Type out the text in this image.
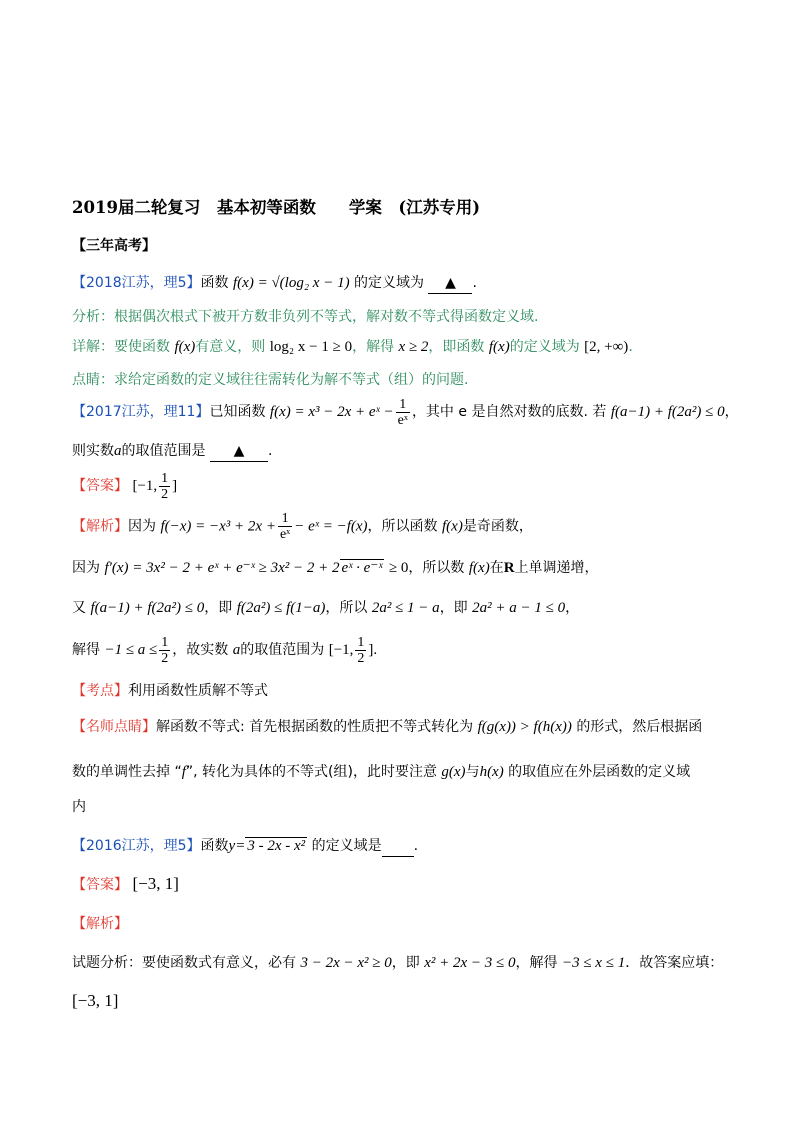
2019届二轮复习　基本初等函数　　学案　(江苏专用)
【三年高考】
【2018江苏，理5】函数 f(x) = √(log₂ x − 1) 的定义域为 ▲ .
分析：根据偶次根式下被开方数非负列不等式，解对数不等式得函数定义域.
详解：要使函数 f(x)有意义，则 log₂ x − 1 ≥ 0，解得 x ≥ 2，即函数 f(x)的定义域为 [2, +∞).
点睛：求给定函数的定义域往往需转化为解不等式（组）的问题.
【2017江苏，理11】已知函数 f(x) = x³ − 2x + eˣ − $\frac{1}{\text{eˣ}}$ ，其中 e 是自然对数的底数. 若 f(a−1) + f(2a²) ≤ 0，
则实数a的取值范围是 ▲ .
【答案】 [−1, $\frac{1}{2}$ ]
【解析】因为 $f(-x) = -x^3 + 2x + \frac{1}{\text{eˣ}}$ − eˣ = −f(x)，所以函数 f(x)是奇函数，
因为 f′(x) = 3x² − 2 + eˣ + e⁻ˣ ≥ 3x² − 2 + 2 eˣ · e⁻ˣ ≥ 0，所以数 f(x)在R上单调递增，
又 f(a−1) + f(2a²) ≤ 0，即 f(2a²) ≤ f(1−a)，所以 2a² ≤ 1 − a，即 2a² + a − 1 ≤ 0，
解得 $-1 \le a \le \frac{1}{2}$ ，故实数 a的取值范围为 [−1, $\frac{1}{2}$ ].
【考点】利用函数性质解不等式
【名师点睛】解函数不等式: 首先根据函数的性质把不等式转化为 f(g(x)) > f(h(x)) 的形式，然后根据函
数的单调性去掉 “f”, 转化为具体的不等式(组)，此时要注意 g(x)与h(x) 的取值应在外层函数的定义域
内
【2016江苏，理5】函数y= 3 - 2x - x² 的定义域是 .
【答案】 [−3, 1]
【解析】
试题分析：要使函数式有意义，必有 3 − 2x − x² ≥ 0，即 x² + 2x − 3 ≤ 0，解得 −3 ≤ x ≤ 1．故答案应填：
[−3, 1]
